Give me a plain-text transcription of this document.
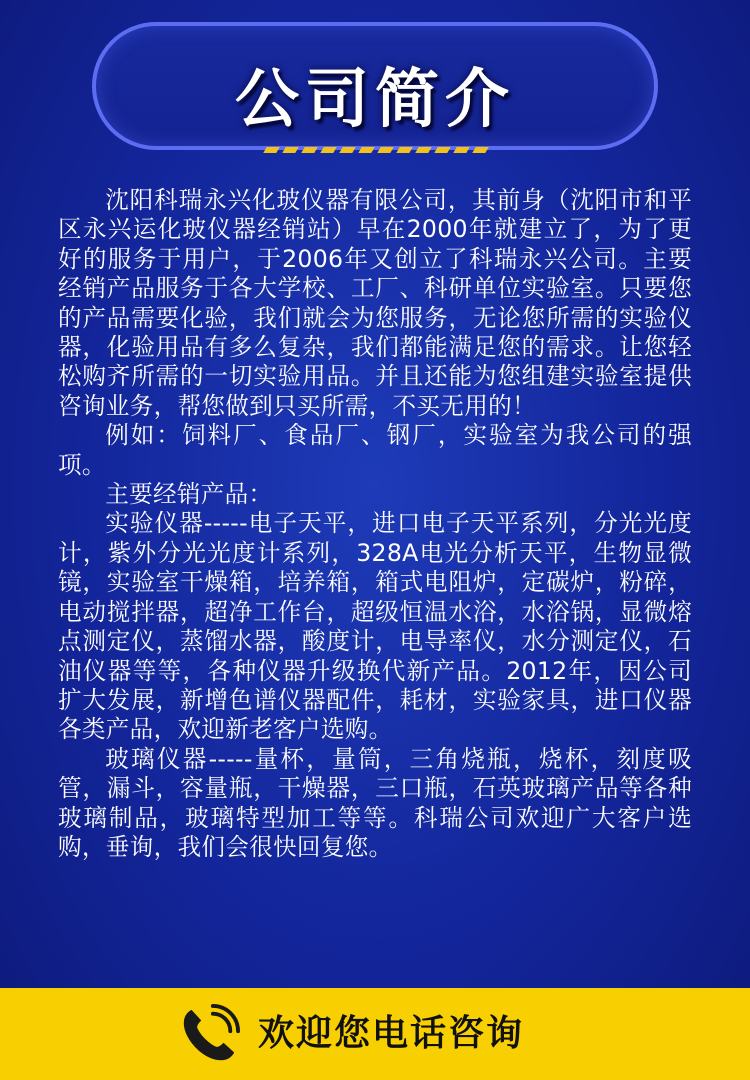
公司简介

沈阳科瑞永兴化玻仪器有限公司，其前身（沈阳市和平区永兴运化玻仪器经销站）早在2000年就建立了，为了更好的服务于用户，于2006年又创立了科瑞永兴公司。主要经销产品服务于各大学校、工厂、科研单位实验室。只要您的产品需要化验，我们就会为您服务，无论您所需的实验仪器，化验用品有多么复杂，我们都能满足您的需求。让您轻松购齐所需的一切实验用品。并且还能为您组建实验室提供咨询业务，帮您做到只买所需，不买无用的！

例如：饲料厂、食品厂、钢厂，实验室为我公司的强项。

主要经销产品：

实验仪器-----电子天平，进口电子天平系列，分光光度计，紫外分光光度计系列，328A电光分析天平，生物显微镜，实验室干燥箱，培养箱，箱式电阻炉，定碳炉，粉碎，电动搅拌器，超净工作台，超级恒温水浴，水浴锅，显微熔点测定仪，蒸馏水器，酸度计，电导率仪，水分测定仪，石油仪器等等，各种仪器升级换代新产品。2012年，因公司扩大发展，新增色谱仪器配件，耗材，实验家具，进口仪器各类产品，欢迎新老客户选购。

玻璃仪器-----量杯，量筒，三角烧瓶，烧杯，刻度吸管，漏斗，容量瓶，干燥器，三口瓶，石英玻璃产品等各种玻璃制品，玻璃特型加工等等。科瑞公司欢迎广大客户选购，垂询，我们会很快回复您。

欢迎您电话咨询
